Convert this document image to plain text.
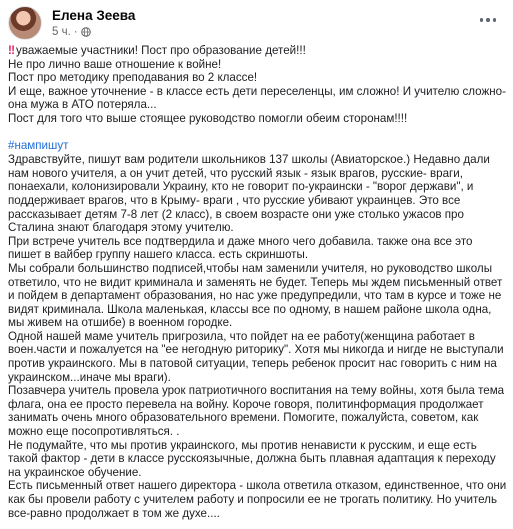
Елена Зеева
5 ч. ·

‼ уважаемые участники! Пост про образование детей!!!
Не про лично ваше отношение к войне!
Пост про методику преподавания во 2 классе!
И еще, важное уточнение - в классе есть дети переселенцы, им сложно! И учителю сложно-
она мужа в АТО потеряла...
Пост для того что выше стоящее руководство помогли обеим сторонам!!!!

#нампишут

Здравствуйте, пишут вам родители школьников 137 школы (Авиаторское.) Недавно дали нам нового учителя, а он учит детей, что русский язык - язык врагов, русские- враги, понаехали, колонизировали Украину, кто не говорит по-украински - "ворог держави", и поддерживает врагов, что в Крыму- враги , что русские убивают украинцев. Это все рассказывает детям 7-8 лет (2 класс), в своем возрасте они уже столько ужасов про Сталина знают благодаря этому учителю.
При встрече учитель все подтвердила и даже много чего добавила. также она все это пишет в вайбер группу нашего класса. есть скриншоты.
Мы собрали большинство подписей,чтобы нам заменили учителя, но руководство школы ответило, что не видит криминала и заменять не будет. Теперь мы ждем письменный ответ и пойдем в департамент образования, но нас уже предупредили, что там в курсе и тоже не видят криминала. Школа маленькая, классы все по одному, в нашем районе школа одна, мы живем на отшибе) в военном городке.
Одной нашей маме учитель пригрозила, что пойдет на ее работу(женщина работает в воен.части и пожалуется на "ее негодную риторику". Хотя мы никогда и нигде не выступали против украинского. Мы в патовой ситуации, теперь ребенок просит нас говорить с ним на украинском...иначе мы враги).
Позавчера учитель провела урок патриотичного воспитания на тему войны, хотя была тема флага, она ее просто перевела на войну. Короче говоря, политинформация продолжает занимать очень много образовательного времени. Помогите, пожалуйста, советом, как можно еще посопротивляться. .
Не подумайте, что мы против украинского, мы против ненависти к русским, и еще есть такой фактор - дети в классе русскоязычные, должна быть плавная адаптация к переходу на украинское обучение.
Есть письменный ответ нашего директора - школа ответила отказом, единственное, что они как бы провели работу с учителем работу и попросили ее не трогать политику. Но учитель все-равно продолжает в том же духе....
